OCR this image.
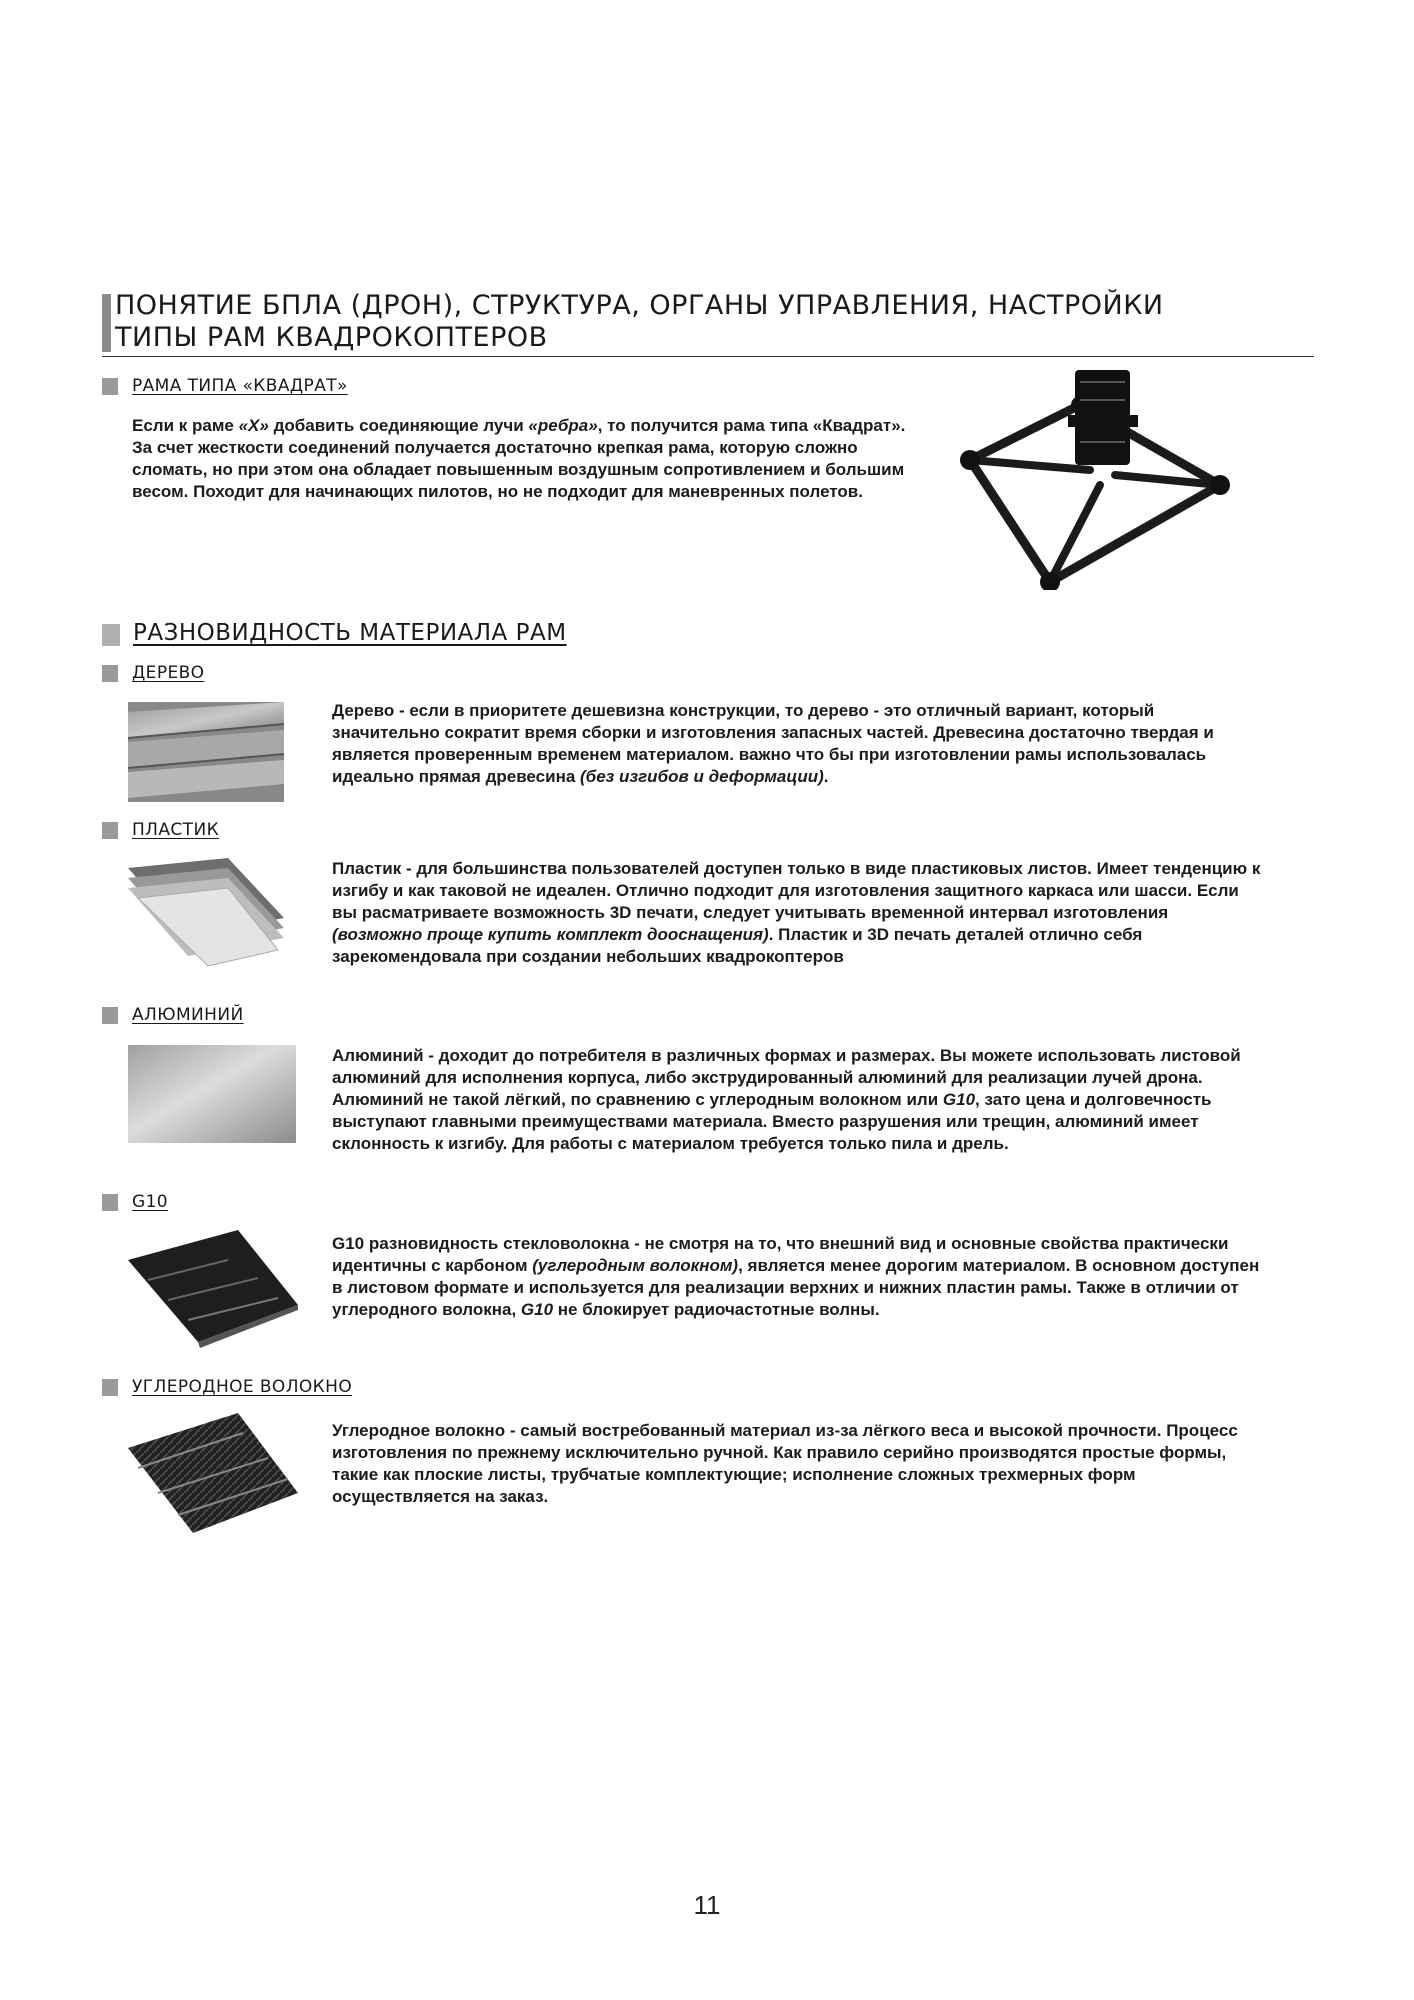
ПОНЯТИЕ БПЛА (ДРОН), СТРУКТУРА, ОРГАНЫ УПРАВЛЕНИЯ, НАСТРОЙКИ
ТИПЫ РАМ КВАДРОКОПТЕРОВ
РАМА ТИПА «КВАДРАТ»
Если к раме «X» добавить соединяющие лучи «ребра», то получится рама типа «Квадрат». За счет жесткости соединений получается достаточно крепкая рама, которую сложно сломать, но при этом она обладает повышенным воздушным сопротивлением и большим весом. Походит для начинающих пилотов, но не подходит для маневренных полетов.
РАЗНОВИДНОСТЬ МАТЕРИАЛА РАМ
ДЕРЕВО
Дерево - если в приоритете дешевизна конструкции, то дерево - это отличный вариант, который значительно сократит время сборки и изготовления запасных частей. Древесина достаточно твердая и является проверенным временем материалом. важно что бы при изготовлении рамы использовалась идеально прямая древесина (без изгибов и деформации).
ПЛАСТИК
Пластик - для большинства пользователей доступен только в виде пластиковых листов. Имеет тенденцию к изгибу и как таковой не идеален. Отлично подходит для изготовления защитного каркаса или шасси. Если вы расматриваете возможность 3D печати, следует учитывать временной интервал изготовления (возможно проще купить комплект дооснащения). Пластик и 3D печать деталей отлично себя зарекомендовала при создании небольших квадрокоптеров
АЛЮМИНИЙ
Алюминий - доходит до потребителя в различных формах и размерах. Вы можете использовать листовой алюминий для исполнения корпуса, либо экструдированный алюминий для реализации лучей дрона. Алюминий не такой лёгкий, по сравнению с углеродным волокном или G10, зато цена и долговечность выступают главными преимуществами материала. Вместо разрушения или трещин, алюминий имеет склонность к изгибу. Для работы с материалом требуется только пила и дрель.
G10
G10 разновидность стекловолокна - не смотря на то, что внешний вид и основные свойства практически идентичны с карбоном (углеродным волокном), является менее дорогим материалом. В основном доступен в листовом формате и используется для реализации верхних и нижних пластин рамы. Также в отличии от углеродного волокна, G10 не блокирует радиочастотные волны.
УГЛЕРОДНОЕ ВОЛОКНО
Углеродное волокно - самый востребованный материал из-за лёгкого веса и высокой прочности. Процесс изготовления по прежнему исключительно ручной. Как правило серийно производятся простые формы, такие как плоские листы, трубчатые комплектующие; исполнение сложных трехмерных форм осуществляется на заказ.
11
